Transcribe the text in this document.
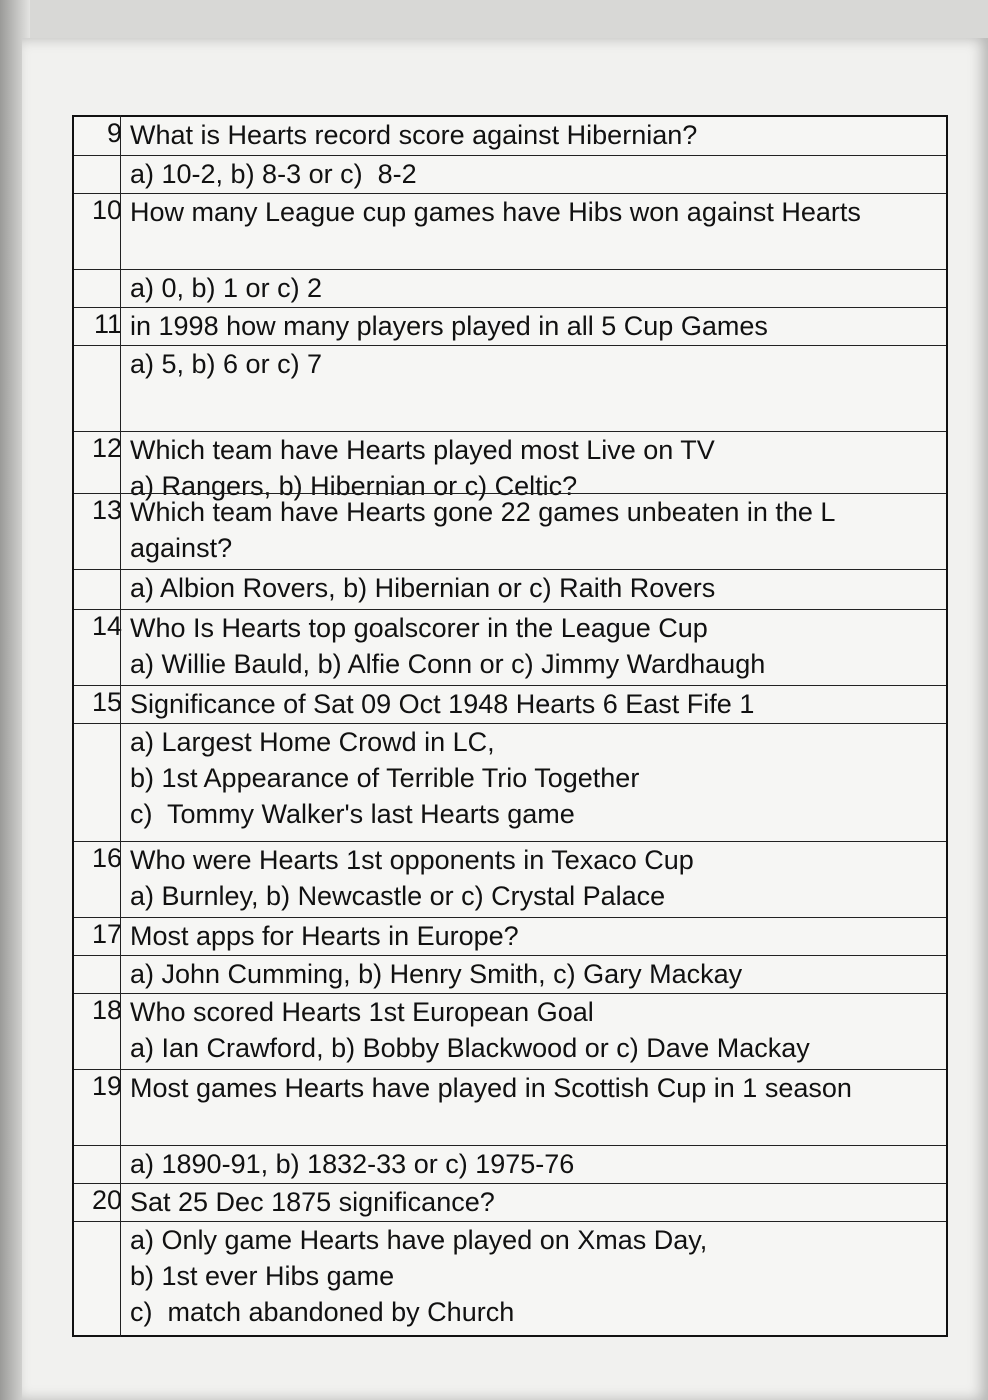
9 What is Hearts record score against Hibernian?
a) 10-2, b) 8-3 or c)  8-2
10 How many League cup games have Hibs won against Hearts
a) 0, b) 1 or c) 2
11 in 1998 how many players played in all 5 Cup Games
a) 5, b) 6 or c) 7
12 Which team have Hearts played most Live on TV
a) Rangers, b) Hibernian or c) Celtic?
13 Which team have Hearts gone 22 games unbeaten in the L against?
a) Albion Rovers, b) Hibernian or c) Raith Rovers
14 Who Is Hearts top goalscorer in the League Cup
a) Willie Bauld, b) Alfie Conn or c) Jimmy Wardhaugh
15 Significance of Sat 09 Oct 1948 Hearts 6 East Fife 1
a) Largest Home Crowd in LC,
b) 1st Appearance of Terrible Trio Together
c)  Tommy Walker's last Hearts game
16 Who were Hearts 1st opponents in Texaco Cup
a) Burnley, b) Newcastle or c) Crystal Palace
17 Most apps for Hearts in Europe?
a) John Cumming, b) Henry Smith, c) Gary Mackay
18 Who scored Hearts 1st European Goal
a) Ian Crawford, b) Bobby Blackwood or c) Dave Mackay
19 Most games Hearts have played in Scottish Cup in 1 season
a) 1890-91, b) 1832-33 or c) 1975-76
20 Sat 25 Dec 1875 significance?
a) Only game Hearts have played on Xmas Day,
b) 1st ever Hibs game
c)  match abandoned by Church
